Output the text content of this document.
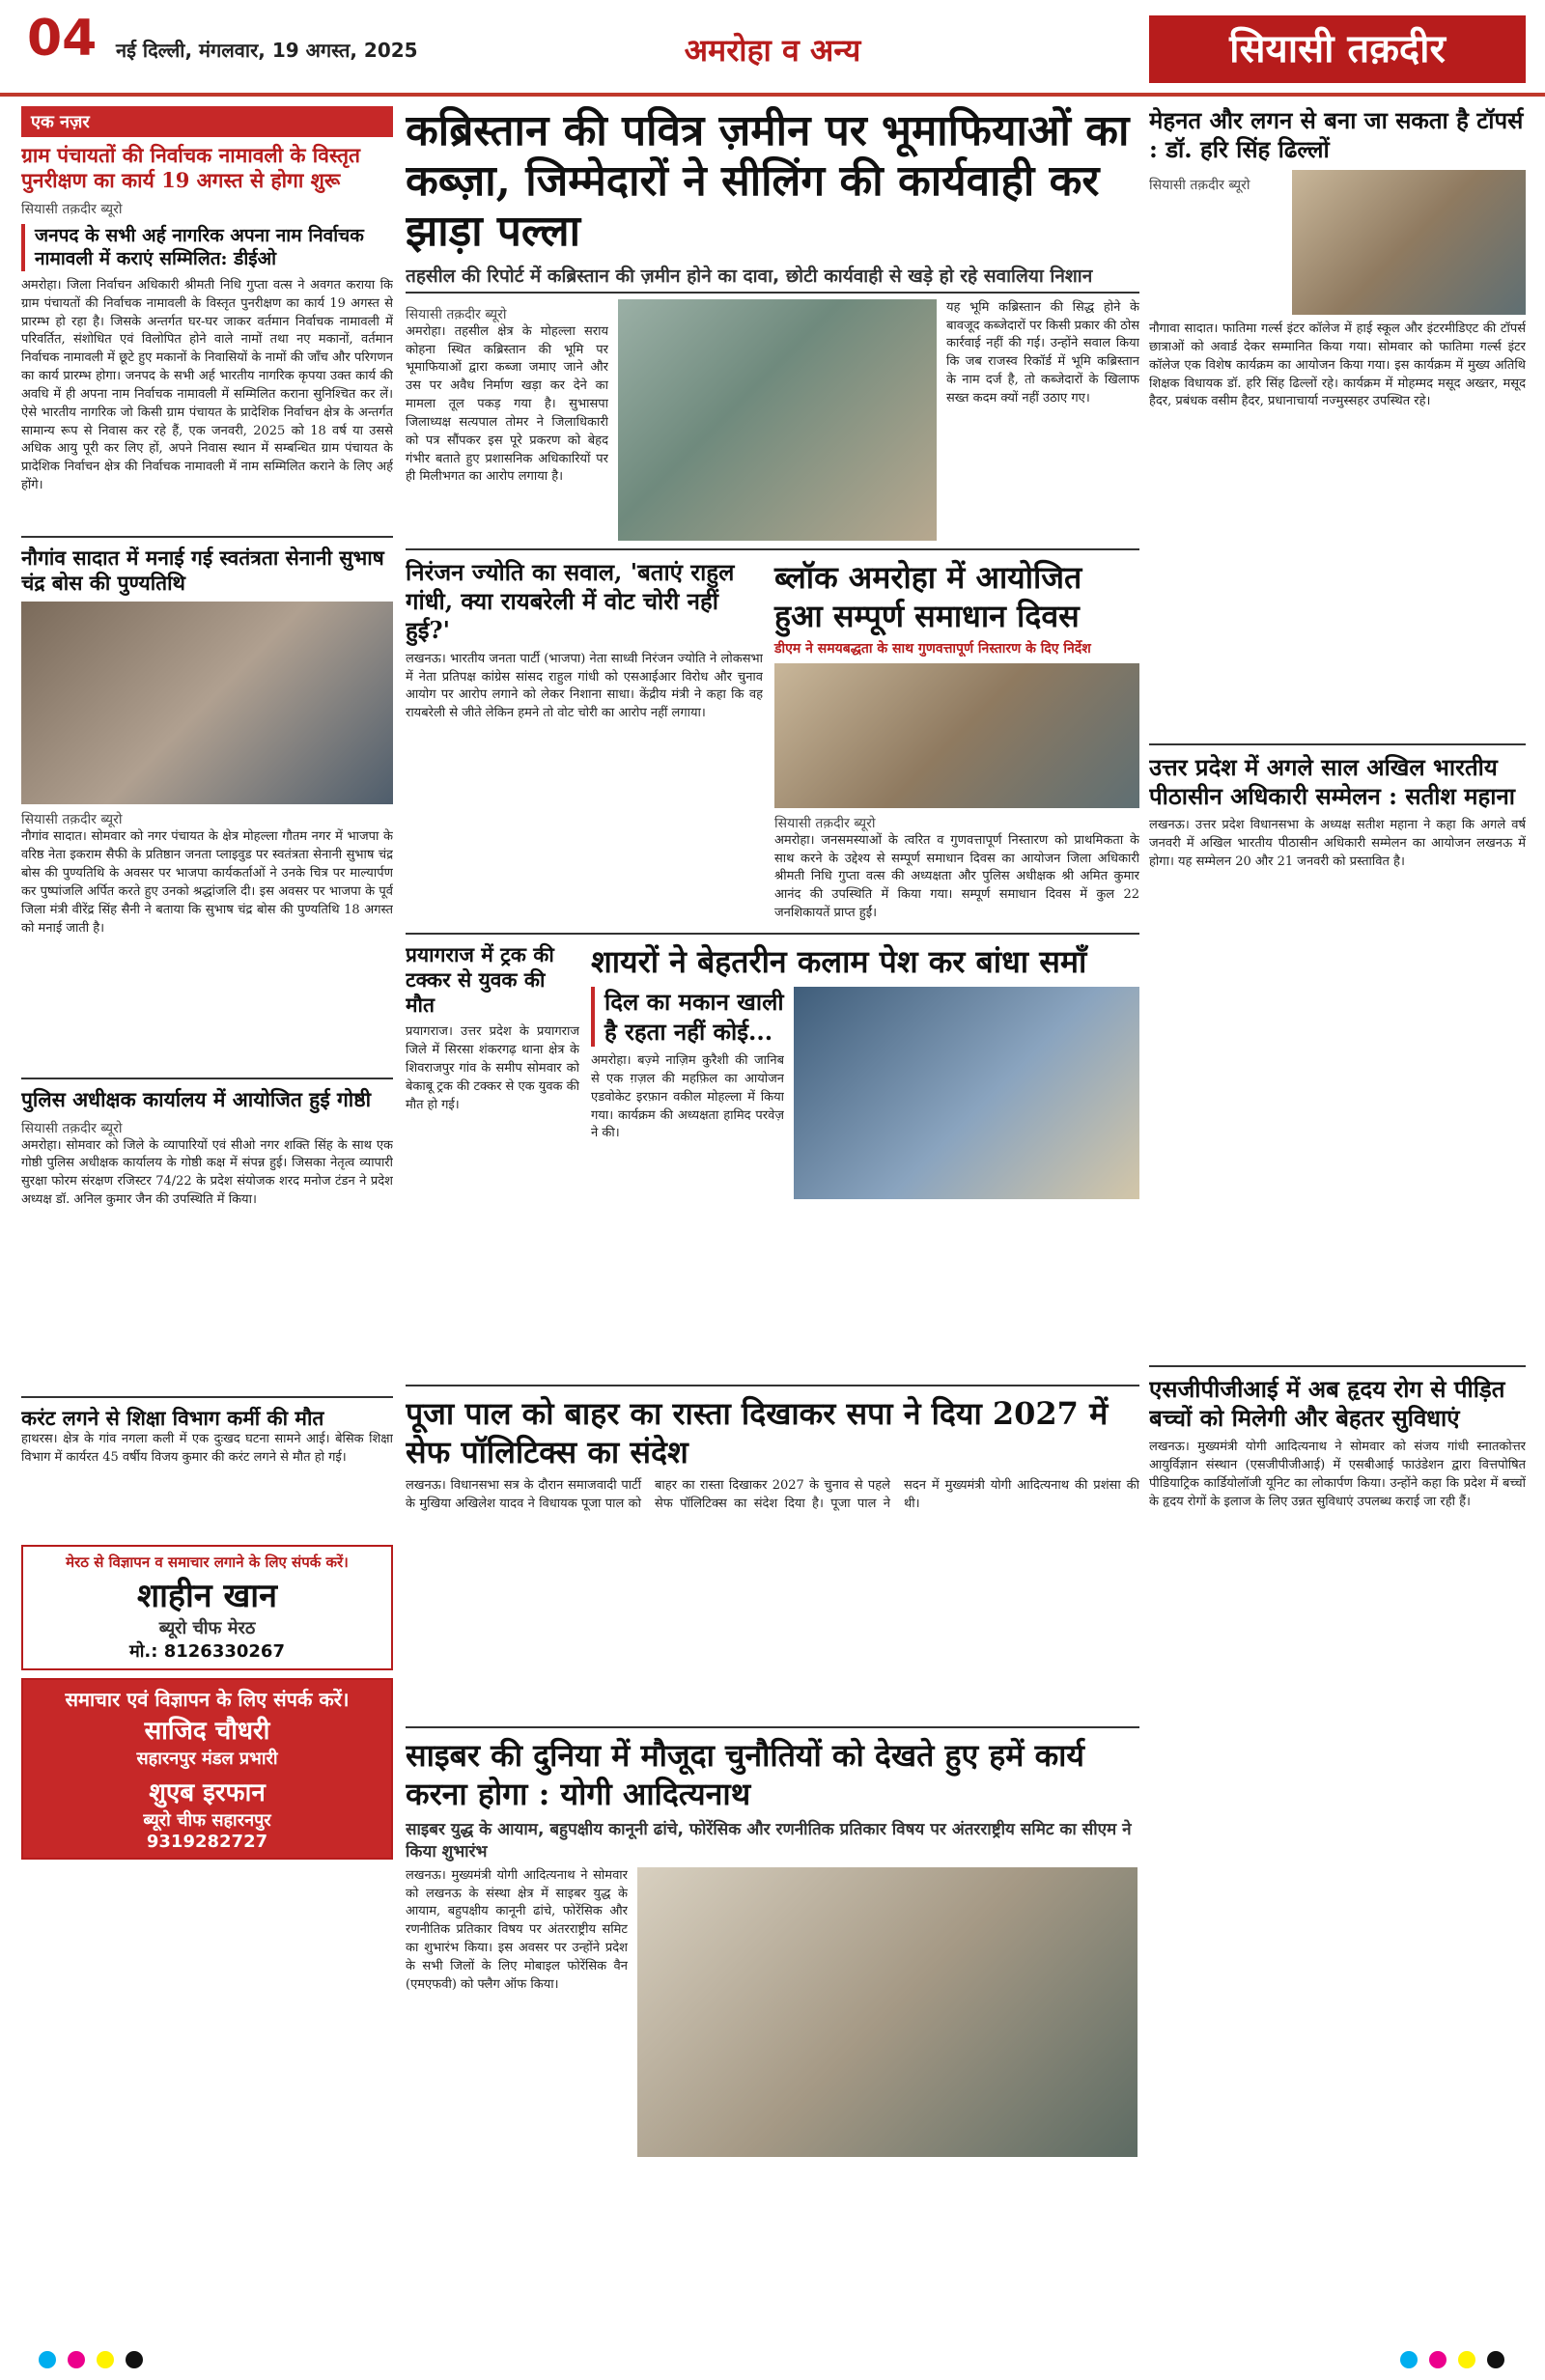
04 नई दिल्ली, मंगलवार, 19 अगस्त, 2025	अमरोहा व अन्य	सियासी तक़दीर
एक नज़र
ग्राम पंचायतों की निर्वाचक नामावली के विस्तृत पुनरीक्षण का कार्य 19 अगस्त से होगा शुरू
सियासी तक़दीर ब्यूरो
जनपद के सभी अर्ह नागरिक अपना नाम निर्वाचक नामावली में कराएं सम्मिलित: डीईओ
अमरोहा। जिला निर्वाचन अधिकारी श्रीमती निधि गुप्ता वत्स ने अवगत कराया कि ग्राम पंचायतों की निर्वाचक नामावली के विस्तृत पुनरीक्षण का कार्य 19 अगस्त से प्रारम्भ हो रहा है। जिसके अन्तर्गत घर-घर जाकर वर्तमान निर्वाचक नामावली में परिवर्तित, संशोधित एवं विलोपित होने वाले नामों तथा नए मकानों, वर्तमान निर्वाचक नामावली में छूटे हुए मकानों के निवासियों के नामों की जाँच और परिगणन का कार्य प्रारम्भ होगा। जनपद के सभी अर्ह भारतीय नागरिक कृपया उक्त कार्य की अवधि में ही अपना नाम निर्वाचक नामावली में सम्मिलित कराना सुनिश्चित कर लें। ऐसे भारतीय नागरिक जो किसी ग्राम पंचायत के प्रादेशिक निर्वाचन क्षेत्र के अन्तर्गत सामान्य रूप से निवास कर रहे हैं, एक जनवरी, 2025 को 18 वर्ष या उससे अधिक आयु पूरी कर लिए हों, अपने निवास स्थान में सम्बन्धित ग्राम पंचायत के प्रादेशिक निर्वाचन क्षेत्र की निर्वाचक नामावली में नाम सम्मिलित कराने के लिए अर्ह होंगे।
नौगांव सादात में मनाई गई स्वतंत्रता सेनानी सुभाष चंद्र बोस की पुण्यतिथि
सियासी तक़दीर ब्यूरो
नौगांव सादात। सोमवार को नगर पंचायत के क्षेत्र मोहल्ला गौतम नगर में भाजपा के वरिष्ठ नेता इकराम सैफी के प्रतिष्ठान जनता प्लाइवुड पर स्वतंत्रता सेनानी सुभाष चंद्र बोस की पुण्यतिथि के अवसर पर भाजपा कार्यकर्ताओं ने उनके चित्र पर माल्यार्पण कर पुष्पांजलि अर्पित करते हुए उनको श्रद्धांजलि दी। इस अवसर पर भाजपा के पूर्व जिला मंत्री वीरेंद्र सिंह सैनी ने बताया कि सुभाष चंद्र बोस की पुण्यतिथि 18 अगस्त को मनाई जाती है।
पुलिस अधीक्षक कार्यालय में आयोजित हुई गोष्ठी
सियासी तक़दीर ब्यूरो
अमरोहा। सोमवार को जिले के व्यापारियों एवं सीओ नगर शक्ति सिंह के साथ एक गोष्ठी पुलिस अधीक्षक कार्यालय के गोष्ठी कक्ष में संपन्न हुई। जिसका नेतृत्व व्यापारी सुरक्षा फोरम संरक्षण रजिस्टर 74/22 के प्रदेश संयोजक शरद मनोज टंडन ने प्रदेश अध्यक्ष डॉ. अनिल कुमार जैन की उपस्थिति में किया।
करंट लगने से शिक्षा विभाग कर्मी की मौत
हाथरस। क्षेत्र के गांव नगला कली में एक दुःखद घटना सामने आई। बेसिक शिक्षा विभाग में कार्यरत 45 वर्षीय विजय कुमार की करंट लगने से मौत हो गई।
मेरठ से विज्ञापन व समाचार लगाने के लिए संपर्क करें।
शाहीन खान
ब्यूरो चीफ मेरठ
मो.: 8126330267
समाचार एवं विज्ञापन के लिए संपर्क करें।
साजिद चौधरी
सहारनपुर मंडल प्रभारी
शुएब इरफान
ब्यूरो चीफ सहारनपुर
9319282727
कब्रिस्तान की पवित्र ज़मीन पर भूमाफियाओं का कब्ज़ा, जिम्मेदारों ने सीलिंग की कार्यवाही कर झाड़ा पल्ला
तहसील की रिपोर्ट में कब्रिस्तान की ज़मीन होने का दावा, छोटी कार्यवाही से खड़े हो रहे सवालिया निशान
सियासी तक़दीर ब्यूरो
अमरोहा। तहसील क्षेत्र के मोहल्ला सराय कोहना स्थित कब्रिस्तान की भूमि पर भूमाफियाओं द्वारा कब्जा जमाए जाने और उस पर अवैध निर्माण खड़ा कर देने का मामला तूल पकड़ गया है। सुभासपा जिलाध्यक्ष सत्यपाल तोमर ने जिलाधिकारी को पत्र सौंपकर इस पूरे प्रकरण को बेहद गंभीर बताते हुए प्रशासनिक अधिकारियों पर ही मिलीभगत का आरोप लगाया है।
यह भूमि कब्रिस्तान की सिद्ध होने के बावजूद कब्जेदारों पर किसी प्रकार की ठोस कार्रवाई नहीं की गई। उन्होंने सवाल किया कि जब राजस्व रिकॉर्ड में भूमि कब्रिस्तान के नाम दर्ज है, तो कब्जेदारों के खिलाफ सख्त कदम क्यों नहीं उठाए गए।
निरंजन ज्योति का सवाल, 'बताएं राहुल गांधी, क्या रायबरेली में वोट चोरी नहीं हुई?'
लखनऊ। भारतीय जनता पार्टी (भाजपा) नेता साध्वी निरंजन ज्योति ने लोकसभा में नेता प्रतिपक्ष कांग्रेस सांसद राहुल गांधी को एसआईआर विरोध और चुनाव आयोग पर आरोप लगाने को लेकर निशाना साधा। केंद्रीय मंत्री ने कहा कि वह रायबरेली से जीते लेकिन हमने तो वोट चोरी का आरोप नहीं लगाया।
ब्लॉक अमरोहा में आयोजित हुआ सम्पूर्ण समाधान दिवस
डीएम ने समयबद्धता के साथ गुणवत्तापूर्ण निस्तारण के दिए निर्देश
सियासी तक़दीर ब्यूरो
अमरोहा। जनसमस्याओं के त्वरित व गुणवत्तापूर्ण निस्तारण को प्राथमिकता के साथ करने के उद्देश्य से सम्पूर्ण समाधान दिवस का आयोजन जिला अधिकारी श्रीमती निधि गुप्ता वत्स की अध्यक्षता और पुलिस अधीक्षक श्री अमित कुमार आनंद की उपस्थिति में किया गया। सम्पूर्ण समाधान दिवस में कुल 22 जनशिकायतें प्राप्त हुईं।
प्रयागराज में ट्रक की टक्कर से युवक की मौत
प्रयागराज। उत्तर प्रदेश के प्रयागराज जिले में सिरसा शंकरगढ़ थाना क्षेत्र के शिवराजपुर गांव के समीप सोमवार को बेकाबू ट्रक की टक्कर से एक युवक की मौत हो गई।
शायरों ने बेहतरीन कलाम पेश कर बांधा समाँ
दिल का मकान खाली है रहता नहीं कोई...
अमरोहा। बज़्मे नाज़िम कुरैशी की जानिब से एक ग़ज़ल की महफ़िल का आयोजन एडवोकेट इरफ़ान वकील मोहल्ला में किया गया। कार्यक्रम की अध्यक्षता हामिद परवेज़ ने की।
पूजा पाल को बाहर का रास्ता दिखाकर सपा ने दिया 2027 में सेफ पॉलिटिक्स का संदेश
लखनऊ। विधानसभा सत्र के दौरान समाजवादी पार्टी के मुखिया अखिलेश यादव ने विधायक पूजा पाल को बाहर का रास्ता दिखाकर 2027 के चुनाव से पहले सेफ पॉलिटिक्स का संदेश दिया है। पूजा पाल ने सदन में मुख्यमंत्री योगी आदित्यनाथ की प्रशंसा की थी।
साइबर की दुनिया में मौजूदा चुनौतियों को देखते हुए हमें कार्य करना होगा : योगी आदित्यनाथ
साइबर युद्ध के आयाम, बहुपक्षीय कानूनी ढांचे, फोरेंसिक और रणनीतिक प्रतिकार विषय पर अंतरराष्ट्रीय समिट का सीएम ने किया शुभारंभ
लखनऊ। मुख्यमंत्री योगी आदित्यनाथ ने सोमवार को लखनऊ के संस्था क्षेत्र में साइबर युद्ध के आयाम, बहुपक्षीय कानूनी ढांचे, फोरेंसिक और रणनीतिक प्रतिकार विषय पर अंतरराष्ट्रीय समिट का शुभारंभ किया। इस अवसर पर उन्होंने प्रदेश के सभी जिलों के लिए मोबाइल फोरेंसिक वैन (एमएफवी) को फ्लैग ऑफ किया।
मेहनत और लगन से बना जा सकता है टॉपर्स : डॉ. हरि सिंह ढिल्लों
सियासी तक़दीर ब्यूरो
नौगावा सादात। फातिमा गर्ल्स इंटर कॉलेज में हाई स्कूल और इंटरमीडिएट की टॉपर्स छात्राओं को अवार्ड देकर सम्मानित किया गया। सोमवार को फातिमा गर्ल्स इंटर कॉलेज एक विशेष कार्यक्रम का आयोजन किया गया। इस कार्यक्रम में मुख्य अतिथि शिक्षक विधायक डॉ. हरि सिंह ढिल्लों रहे। कार्यक्रम में मोहम्मद मसूद अख्तर, मसूद हैदर, प्रबंधक वसीम हैदर, प्रधानाचार्या नज्मुस्सहर उपस्थित रहे।
उत्तर प्रदेश में अगले साल अखिल भारतीय पीठासीन अधिकारी सम्मेलन : सतीश महाना
लखनऊ। उत्तर प्रदेश विधानसभा के अध्यक्ष सतीश महाना ने कहा कि अगले वर्ष जनवरी में अखिल भारतीय पीठासीन अधिकारी सम्मेलन का आयोजन लखनऊ में होगा। यह सम्मेलन 20 और 21 जनवरी को प्रस्तावित है।
एसजीपीजीआई में अब हृदय रोग से पीड़ित बच्चों को मिलेगी और बेहतर सुविधाएं
लखनऊ। मुख्यमंत्री योगी आदित्यनाथ ने सोमवार को संजय गांधी स्नातकोत्तर आयुर्विज्ञान संस्थान (एसजीपीजीआई) में एसबीआई फाउंडेशन द्वारा वित्तपोषित पीडियाट्रिक कार्डियोलॉजी यूनिट का लोकार्पण किया। उन्होंने कहा कि प्रदेश में बच्चों के हृदय रोगों के इलाज के लिए उन्नत सुविधाएं उपलब्ध कराई जा रही हैं।
